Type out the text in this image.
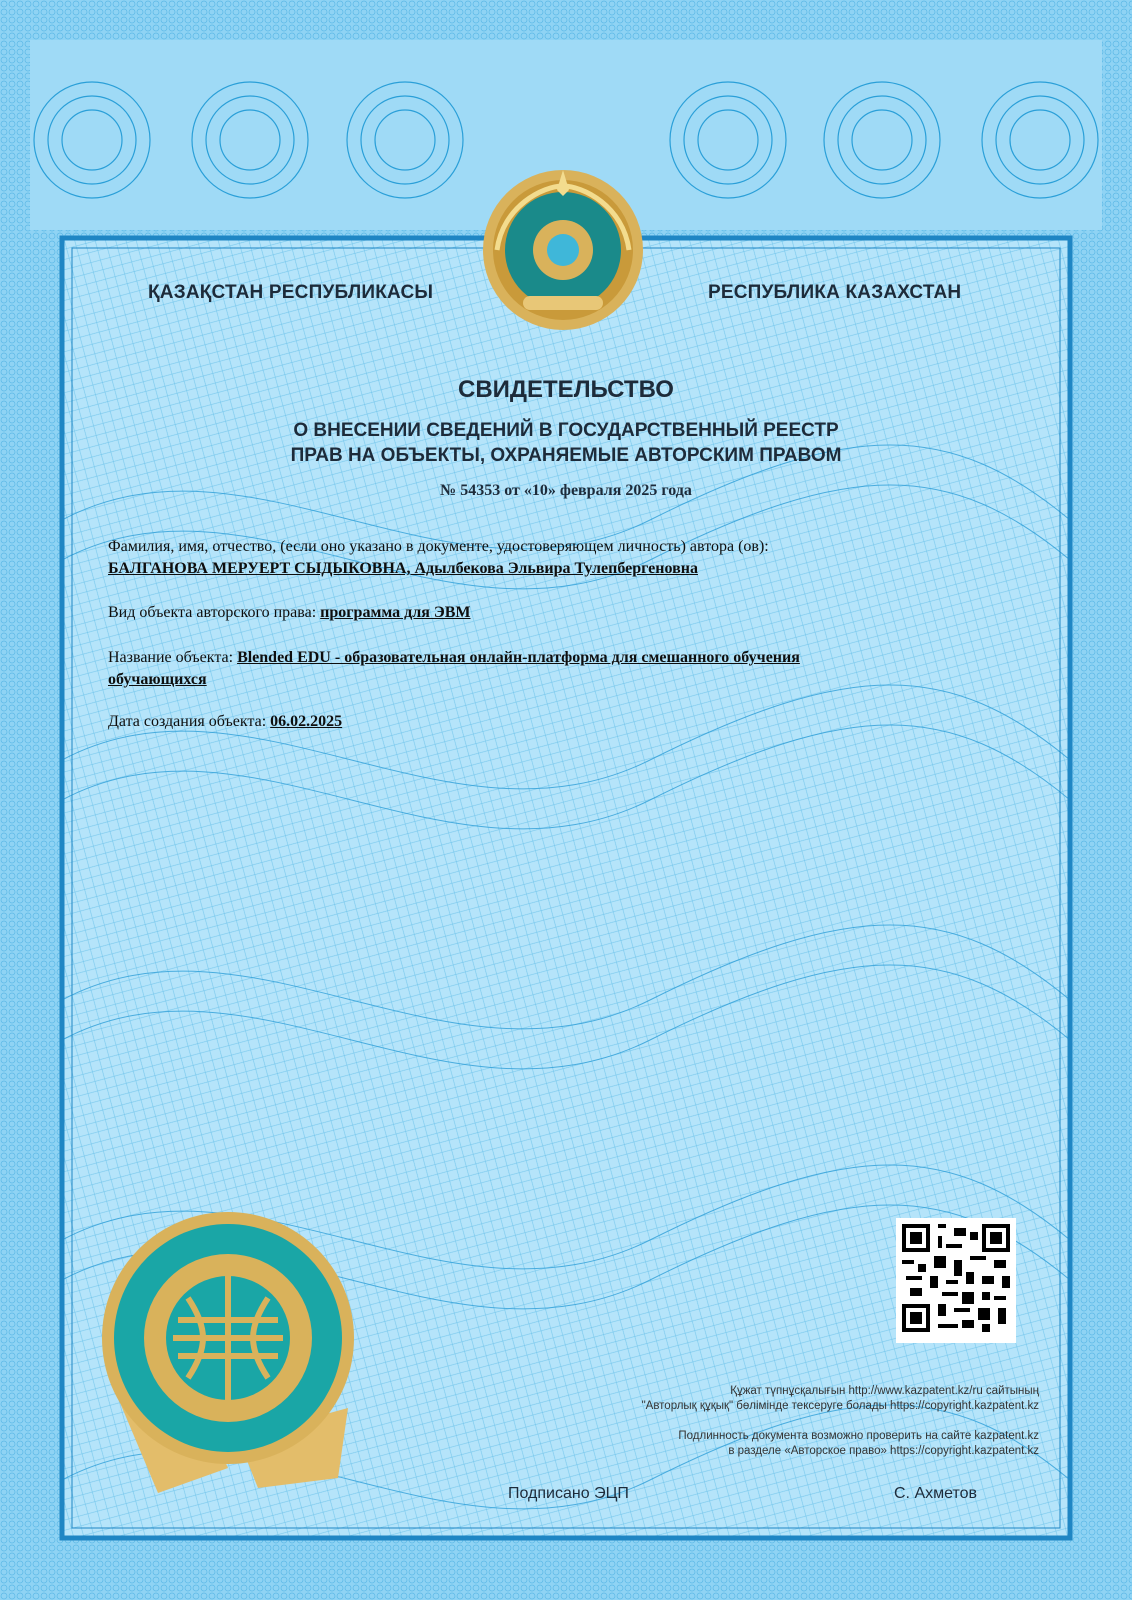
ҚАЗАҚСТАН РЕСПУБЛИКАСЫ	РЕСПУБЛИКА КАЗАХСТАН
СВИДЕТЕЛЬСТВО
О ВНЕСЕНИИ СВЕДЕНИЙ В ГОСУДАРСТВЕННЫЙ РЕЕСТР
ПРАВ НА ОБЪЕКТЫ, ОХРАНЯЕМЫЕ АВТОРСКИМ ПРАВОМ
№ 54353 от «10» февраля 2025 года
Фамилия, имя, отчество, (если оно указано в документе, удостоверяющем личность) автора (ов):
БАЛГАНОВА МЕРУЕРТ СЫДЫКОВНА, Адылбекова Эльвира Тулепбергеновна
Вид объекта авторского права: программа для ЭВМ
Название объекта: Blended EDU - образовательная онлайн-платформа для смешанного обучения
обучающихся
Дата создания объекта: 06.02.2025
Құжат түпнұсқалығын http://www.kazpatent.kz/ru сайтының
"Авторлық құқық" бөлімінде тексеруге болады https://copyright.kazpatent.kz
Подлинность документа возможно проверить на сайте kazpatent.kz
в разделе «Авторское право» https://copyright.kazpatent.kz
Подписано ЭЦП	С. Ахметов
